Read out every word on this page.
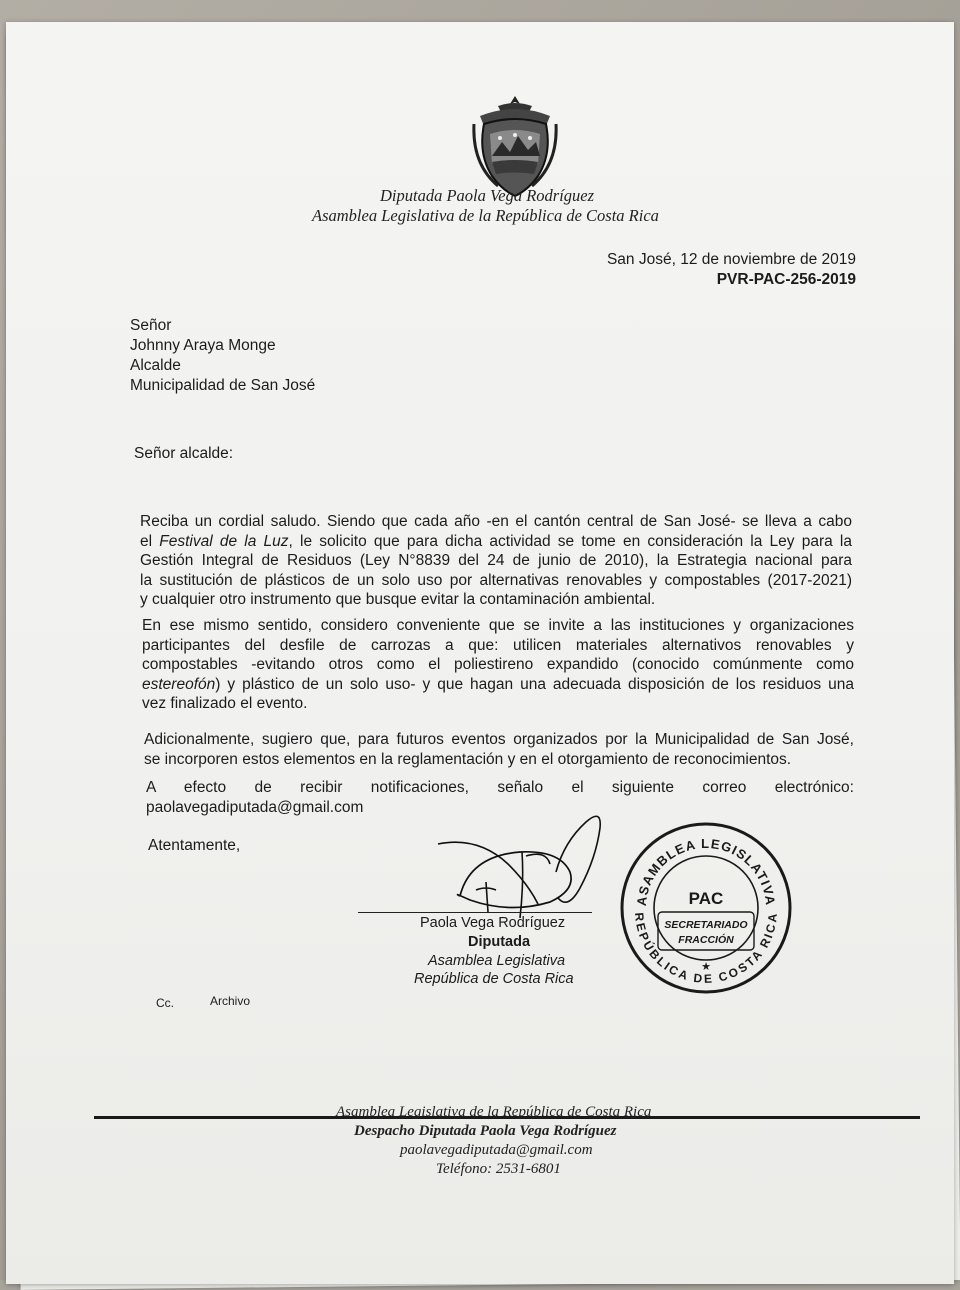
Diputada Paola Vega Rodríguez
Asamblea Legislativa de la República de Costa Rica
San José, 12 de noviembre de 2019
PVR-PAC-256-2019
Señor
Johnny Araya Monge
Alcalde
Municipalidad de San José
Señor alcalde:
Reciba un cordial saludo. Siendo que cada año -en el cantón central de San José- se lleva a cabo
el Festival de la Luz, le solicito que para dicha actividad se tome en consideración la Ley para la
Gestión Integral de Residuos (Ley N°8839 del 24 de junio de 2010), la Estrategia nacional para
la sustitución de plásticos de un solo uso por alternativas renovables y compostables (2017-2021)
y cualquier otro instrumento que busque evitar la contaminación ambiental.
En ese mismo sentido, considero conveniente que se invite a las instituciones y organizaciones
participantes del desfile de carrozas a que: utilicen materiales alternativos renovables y
compostables -evitando otros como el poliestireno expandido (conocido comúnmente como
estereofón) y plástico de un solo uso- y que hagan una adecuada disposición de los residuos una
vez finalizado el evento.
Adicionalmente, sugiero que, para futuros eventos organizados por la Municipalidad de San José,
se incorporen estos elementos en la reglamentación y en el otorgamiento de reconocimientos.
A efecto de recibir notificaciones, señalo el siguiente correo electrónico:
paolavegadiputada@gmail.com
Atentamente,
Paola Vega Rodríguez
Diputada
Asamblea Legislativa
República de Costa Rica
ASAMBLEA LEGISLATIVA
REPÚBLICA DE COSTA RICA
PAC
SECRETARIADO
FRACCIÓN
★
Cc.	Archivo
Asamblea Legislativa de la República de Costa Rica
Despacho Diputada Paola Vega Rodríguez
paolavegadiputada@gmail.com
Teléfono: 2531-6801
